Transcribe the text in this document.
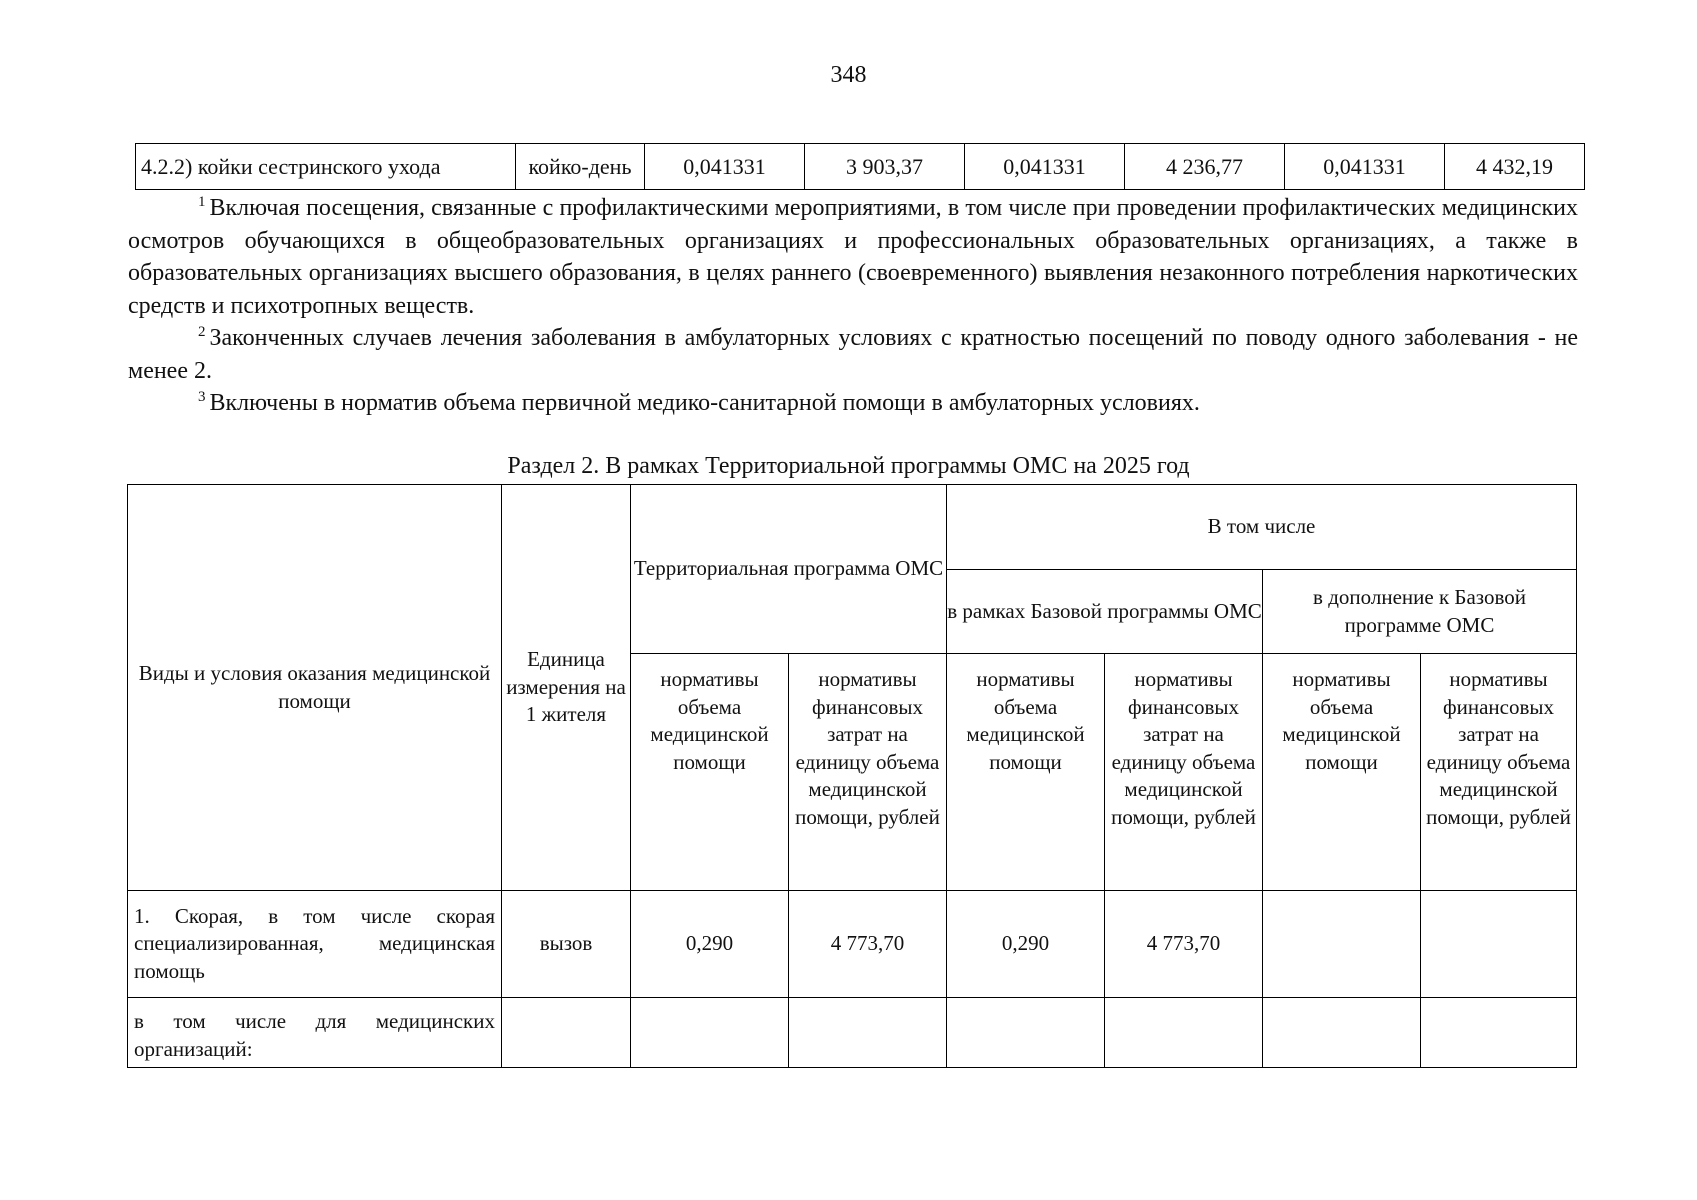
348
4.2.2) койки сестринского ухода	койко-день	0,041331	3 903,37	0,041331	4 236,77	0,041331	4 432,19

$^1$ Включая посещения, связанные с профилактическими мероприятиями, в том числе при проведении профилактических медицинских осмотров обучающихся в общеобразовательных организациях и профессиональных образовательных организациях, а также в образовательных организациях высшего образования, в целях раннего (своевременного) выявления незаконного потребления наркотических средств и психотропных веществ.

$^2$ Законченных случаев лечения заболевания в амбулаторных условиях с кратностью посещений по поводу одного заболевания - не менее 2.

$^3$ Включены в норматив объема первичной медико-санитарной помощи в амбулаторных условиях.

Раздел 2. В рамках Территориальной программы ОМС на 2025 год
Виды и условия оказания медицинской помощи	Единица измерения на 1 жителя	Территориальная программа ОМС		В том числе			
				в рамках Базовой программы ОМС		в дополнение к Базовой программе ОМС	
		нормативы объема медицинской помощи	нормативы финансовых затрат на единицу объема медицинской помощи, рублей	нормативы объема медицинской помощи	нормативы финансовых затрат на единицу объема медицинской помощи, рублей	нормативы объема медицинской помощи	нормативы финансовых затрат на единицу объема медицинской помощи, рублей
1. Скорая, в том числе скорая специализированная, медицинская помощь	вызов	0,290	4 773,70	0,290	4 773,70		
в том числе для медицинских организаций:							
